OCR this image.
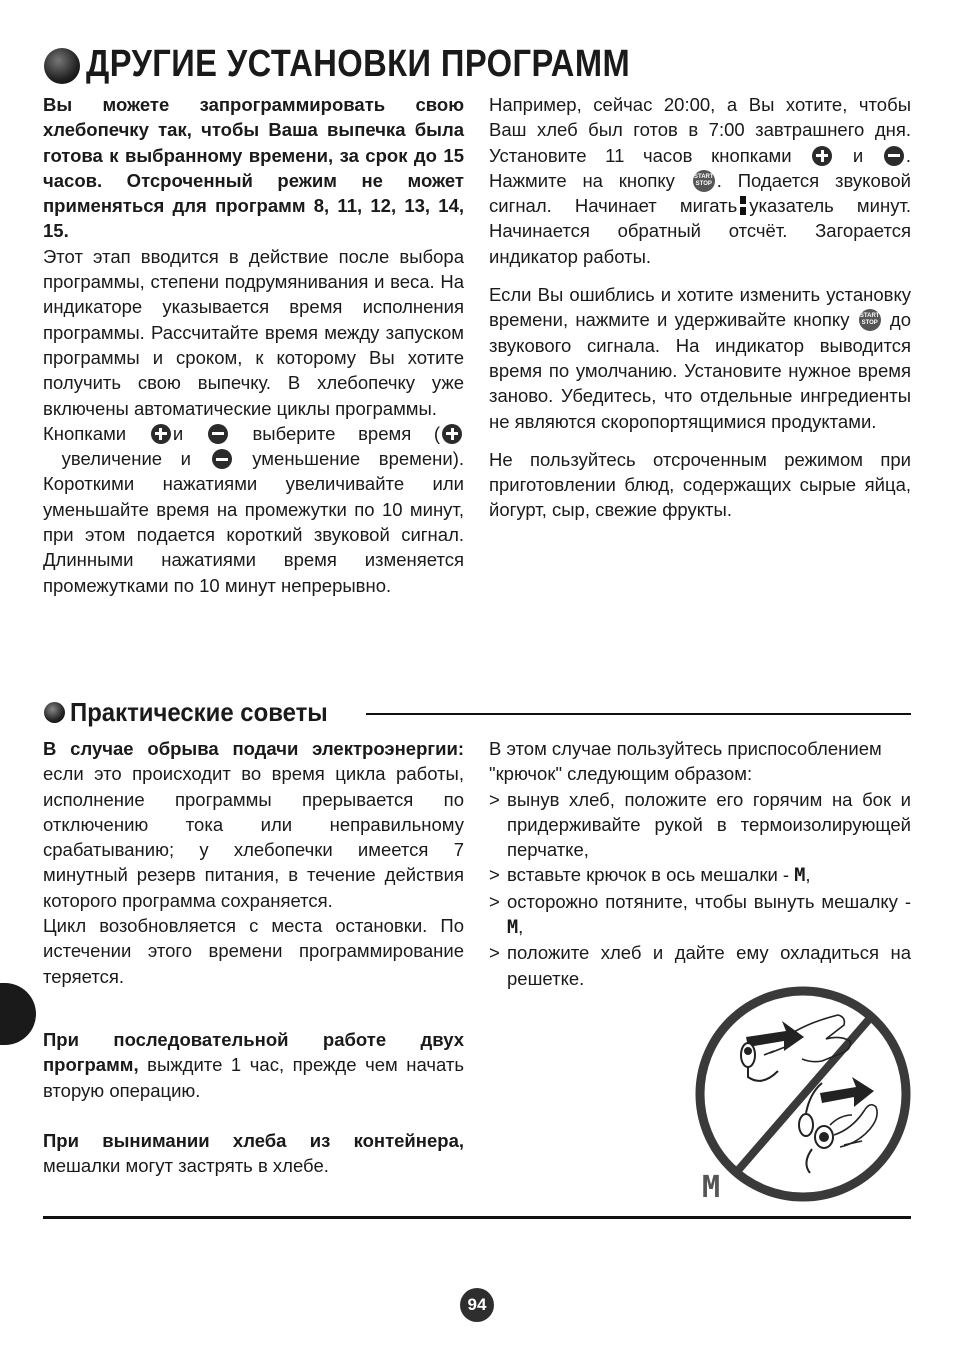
ДРУГИЕ УСТАНОВКИ ПРОГРАММ

Вы можете запрограммировать свою хлебопечку так, чтобы Ваша выпечка была готова к выбранному времени, за срок до 15 часов. Отсроченный режим не может применяться для программ 8, 11, 12, 13, 14, 15.

Этот этап вводится в действие после выбора программы, степени подрумянивания и веса. На индикаторе указывается время исполнения программы. Рассчитайте время между запуском программы и сроком, к которому Вы хотите получить свою выпечку. В хлебопечку уже включены автоматические циклы программы.

Кнопками	и	выберите время ( увеличение и	уменьшение времени). Короткими нажатиями увеличивайте или уменьшайте время на промежутки по 10 минут, при этом подается короткий звуковой сигнал. Длинными нажатиями время изменяется промежутками по 10 минут непрерывно.

Например, сейчас 20:00, а Вы хотите, чтобы Ваш хлеб был готов в 7:00 завтрашнего дня. Установите 11 часов кнопками	и . Нажмите на кнопку	START
STOP . Подается звуковой сигнал. Начинает мигать указатель минут. Начинается обратный отсчёт. Загорается индикатор работы.

Если Вы ошиблись и хотите изменить установку времени, нажмите и удерживайте кнопку START
STOP до звукового сигнала. На индикатор выводится время по умолчанию. Установите нужное время заново. Убедитесь, что отдельные ингредиенты не являются скоропортящимися продуктами.

Не пользуйтесь отсроченным режимом при приготовлении блюд, содержащих сырые яйца, йогурт, сыр, свежие фрукты.

Практические советы

В случае обрыва подачи электроэнергии: если это происходит во время цикла работы, исполнение программы прерывается по отключению тока или неправильному срабатыванию; у хлебопечки имеется 7 минутный резерв питания, в течение действия которого программа сохраняется.

Цикл возобновляется с места остановки. По истечении этого времени программирование теряется.

При последовательной работе двух программ, выждите 1 час, прежде чем начать вторую операцию.

При вынимании хлеба из контейнера, мешалки могут застрять в хлебе.

В этом случае пользуйтесь приспособлением "крючок" следующим образом:

> вынув хлеб, положите его горячим на бок и придерживайте рукой в термоизолирующей перчатке,
> вставьте крючок в ось мешалки - M,
> осторожно потяните, чтобы вынуть мешалку - M,
> положите хлеб и дайте ему охладиться на решетке.
M
94
